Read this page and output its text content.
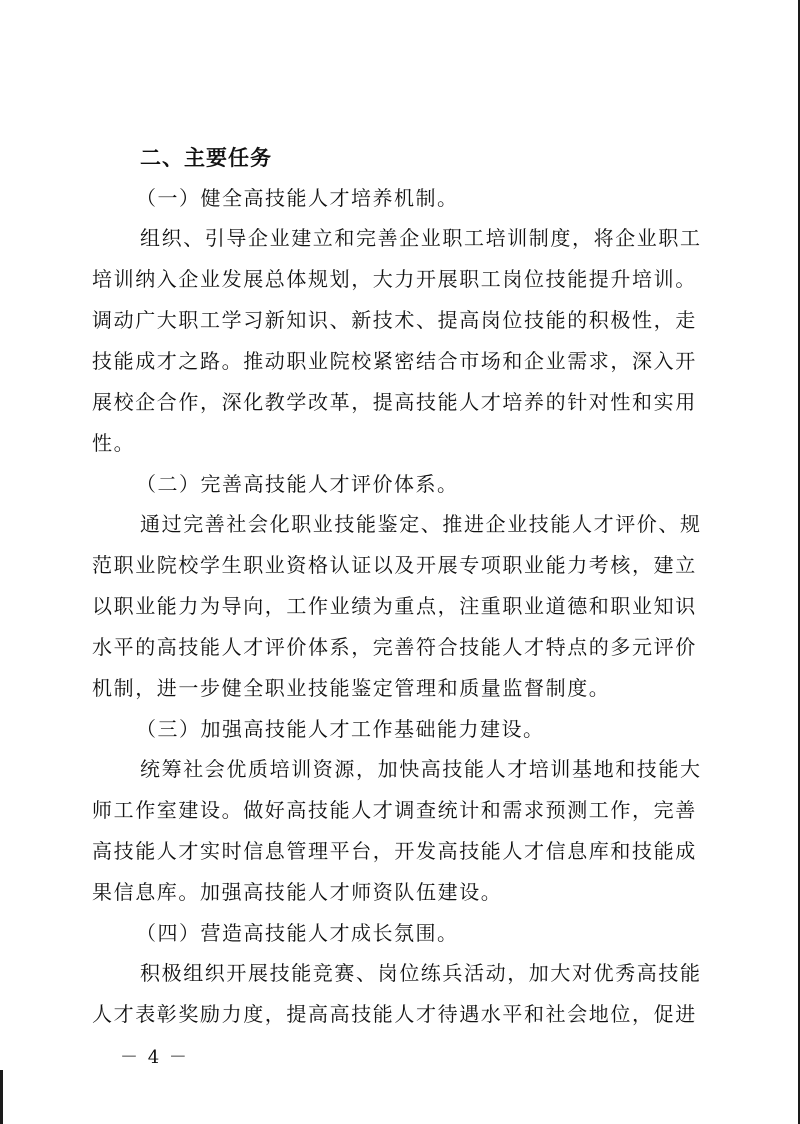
二、主要任务
（一）健全高技能人才培养机制。

组织、引导企业建立和完善企业职工培训制度，将企业职工
培训纳入企业发展总体规划，大力开展职工岗位技能提升培训。
调动广大职工学习新知识、新技术、提高岗位技能的积极性，走
技能成才之路。推动职业院校紧密结合市场和企业需求，深入开
展校企合作，深化教学改革，提高技能人才培养的针对性和实用
性。

（二）完善高技能人才评价体系。

通过完善社会化职业技能鉴定、推进企业技能人才评价、规
范职业院校学生职业资格认证以及开展专项职业能力考核，建立
以职业能力为导向，工作业绩为重点，注重职业道德和职业知识
水平的高技能人才评价体系，完善符合技能人才特点的多元评价
机制，进一步健全职业技能鉴定管理和质量监督制度。

（三）加强高技能人才工作基础能力建设。

统筹社会优质培训资源，加快高技能人才培训基地和技能大
师工作室建设。做好高技能人才调查统计和需求预测工作，完善
高技能人才实时信息管理平台，开发高技能人才信息库和技能成
果信息库。加强高技能人才师资队伍建设。

（四）营造高技能人才成长氛围。

积极组织开展技能竞赛、岗位练兵活动，加大对优秀高技能
人才表彰奖励力度，提高高技能人才待遇水平和社会地位，促进

－ 4 －
